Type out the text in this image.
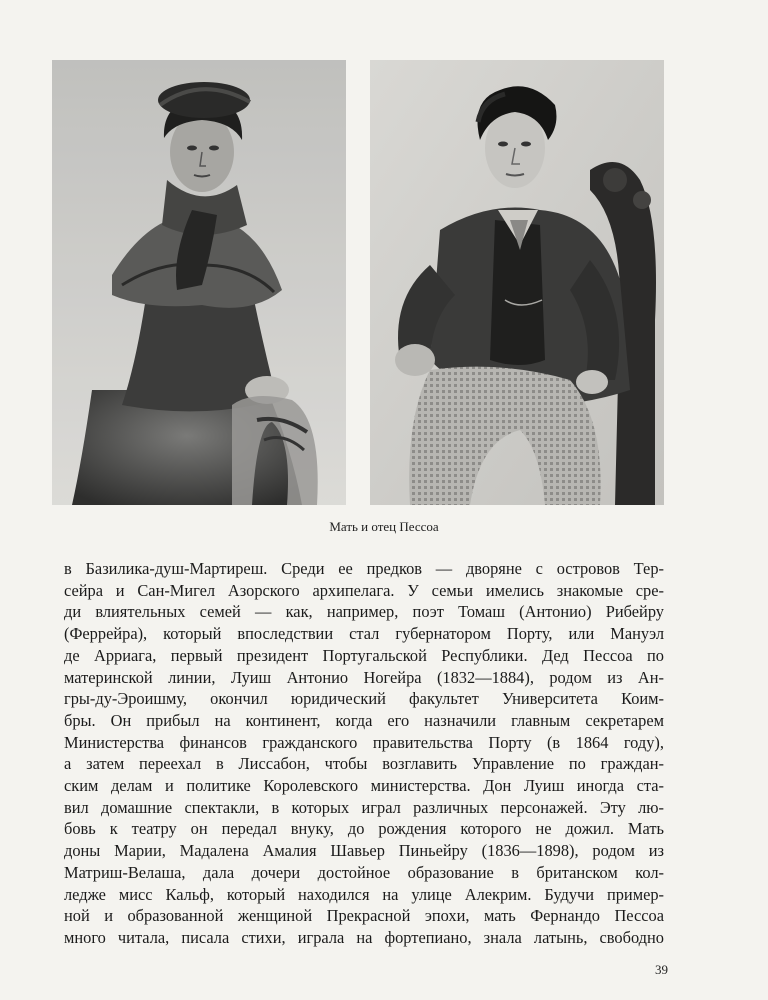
Мать и отец Пессоа
в Базилика-душ-Мартиреш. Среди ее предков — дворяне с островов Тер-
сейра и Сан-Мигел Азорского архипелага. У семьи имелись знакомые сре-
ди влиятельных семей — как, например, поэт Томаш (Антонио) Рибейру
(Феррейра), который впоследствии стал губернатором Порту, или Мануэл
де Арриага, первый президент Португальской Республики. Дед Пессоа по
материнской линии, Луиш Антонио Ногейра (1832—1884), родом из Ан-
гры-ду-Эроишму, окончил юридический факультет Университета Коим-
бры. Он прибыл на континент, когда его назначили главным секретарем
Министерства финансов гражданского правительства Порту (в 1864 году),
а затем переехал в Лиссабон, чтобы возглавить Управление по граждан-
ским делам и политике Королевского министерства. Дон Луиш иногда ста-
вил домашние спектакли, в которых играл различных персонажей. Эту лю-
бовь к театру он передал внуку, до рождения которого не дожил. Мать
доны Марии, Мадалена Амалия Шавьер Пиньейру (1836—1898), родом из
Матриш-Велаша, дала дочери достойное образование в британском кол-
ледже мисс Кальф, который находился на улице Алекрим. Будучи пример-
ной и образованной женщиной Прекрасной эпохи, мать Фернандо Пессоа
много читала, писала стихи, играла на фортепиано, знала латынь, свободно
39
